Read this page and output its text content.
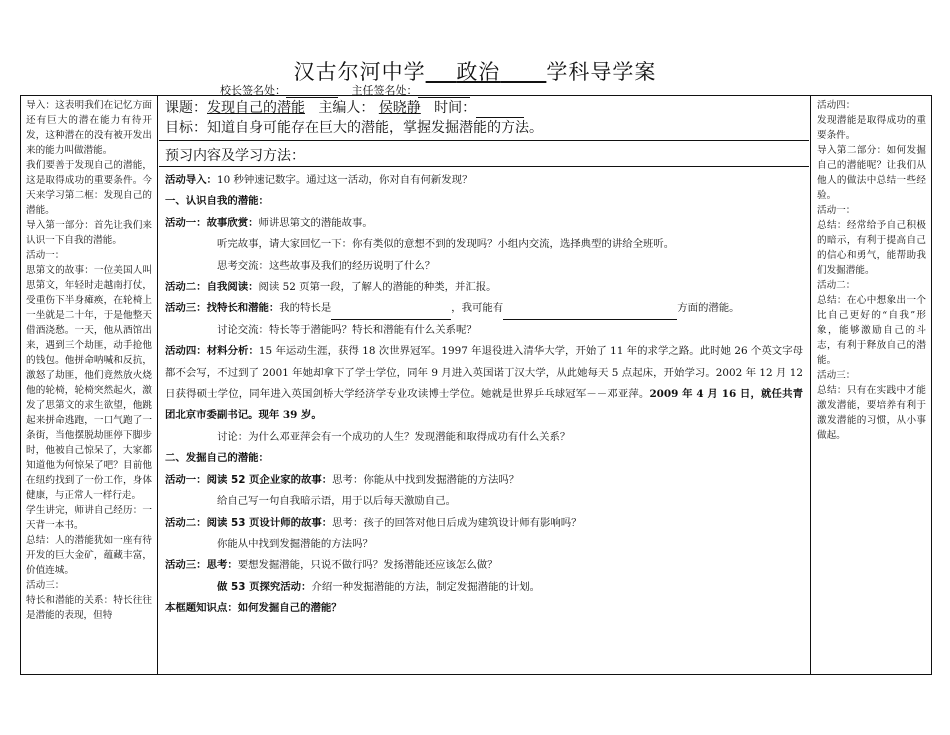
汉古尔河中学 政治 学科导学案
校长签名处：	主任签名处：

导入：这表明我们在记忆方面还有巨大的潜在能力有待开发，这种潜在的没有被开发出来的能力叫做潜能。

我们要善于发现自己的潜能，这是取得成功的重要条件。今天来学习第二框：发现自己的潜能。

导入第一部分：首先让我们来认识一下自我的潜能。

活动一：

思第文的故事：一位美国人叫思第文，年轻时走越南打仗，受重伤下半身瘫痪，在轮椅上一坐就是二十年，于是他整天借酒浇愁。一天，他从酒馆出来，遇到三个劫匪，动手抢他的钱包。他拼命呐喊和反抗，激怒了劫匪，他们竟然放火烧他的轮椅，轮椅突然起火，激发了思第文的求生欲望，他跳起来拼命逃跑，一口气跑了一条街，当他摆脱劫匪停下脚步时，他被自己惊呆了，大家都知道他为何惊呆了吧？目前他在纽约找到了一份工作，身体健康，与正常人一样行走。

学生讲完，师讲自己经历：一天背一本书。

总结：人的潜能犹如一座有待开发的巨大金矿，蕴藏丰富，价值连城。

活动三：

特长和潜能的关系：特长往往是潜能的表现，但特

课题：发现自己的潜能 主编人： 侯晓静 时间：
目标：知道自身可能存在巨大的潜能，掌握发掘潜能的方法。
预习内容及学习方法：

活动导入：10 秒钟速记数字。通过这一活动，你对自有何新发现？

一、认识自我的潜能：

活动一：故事欣赏：师讲思第文的潜能故事。

听完故事，请大家回忆一下：你有类似的意想不到的发现吗？小组内交流，选择典型的讲给全班听。

思考交流：这些故事及我们的经历说明了什么？

活动二：自我阅读：阅读 52 页第一段，了解人的潜能的种类，并汇报。

活动三：找特长和潜能：我的特长是	，我可能有	方面的潜能。

讨论交流：特长等于潜能吗？特长和潜能有什么关系呢？

活动四：材料分析：15 年运动生涯，获得 18 次世界冠军。1997 年退役进入清华大学，开始了 11 年的求学之路。此时她 26 个英文字母都不会写，不过到了 2001 年她却拿下了学士学位，同年 9 月进入英国诺丁汉大学，从此她每天 5 点起床，开始学习。2002 年 12 月 12 日获得硕士学位，同年进入英国剑桥大学经济学专业攻读博士学位。她就是世界乒乓球冠军－－邓亚萍。2009 年 4 月 16 日，就任共青团北京市委副书记。现年 39 岁。

讨论：为什么邓亚萍会有一个成功的人生？发现潜能和取得成功有什么关系？

二、发掘自己的潜能：

活动一：阅读 52 页企业家的故事：思考：你能从中找到发掘潜能的方法吗？

给自己写一句自我暗示语，用于以后每天激励自己。

活动二：阅读 53 页设计师的故事：思考：孩子的回答对他日后成为建筑设计师有影响吗？

你能从中找到发掘潜能的方法吗？

活动三：思考：要想发掘潜能，只说不做行吗？发扬潜能还应该怎么做？

做 53 页探究活动：介绍一种发掘潜能的方法，制定发掘潜能的计划。

本框题知识点：如何发掘自己的潜能？

活动四：

发现潜能是取得成功的重要条件。

导入第二部分：如何发掘自己的潜能呢？让我们从他人的做法中总结一些经验。

活动一：

总结：经常给予自己积极的暗示，有利于提高自己的信心和勇气，能帮助我们发掘潜能。

活动二：

总结：在心中想象出一个比自己更好的“自我”形象，能够激励自己的斗志，有利于释放自己的潜能。

活动三：

总结：只有在实践中才能激发潜能，要培养有利于激发潜能的习惯，从小事做起。
